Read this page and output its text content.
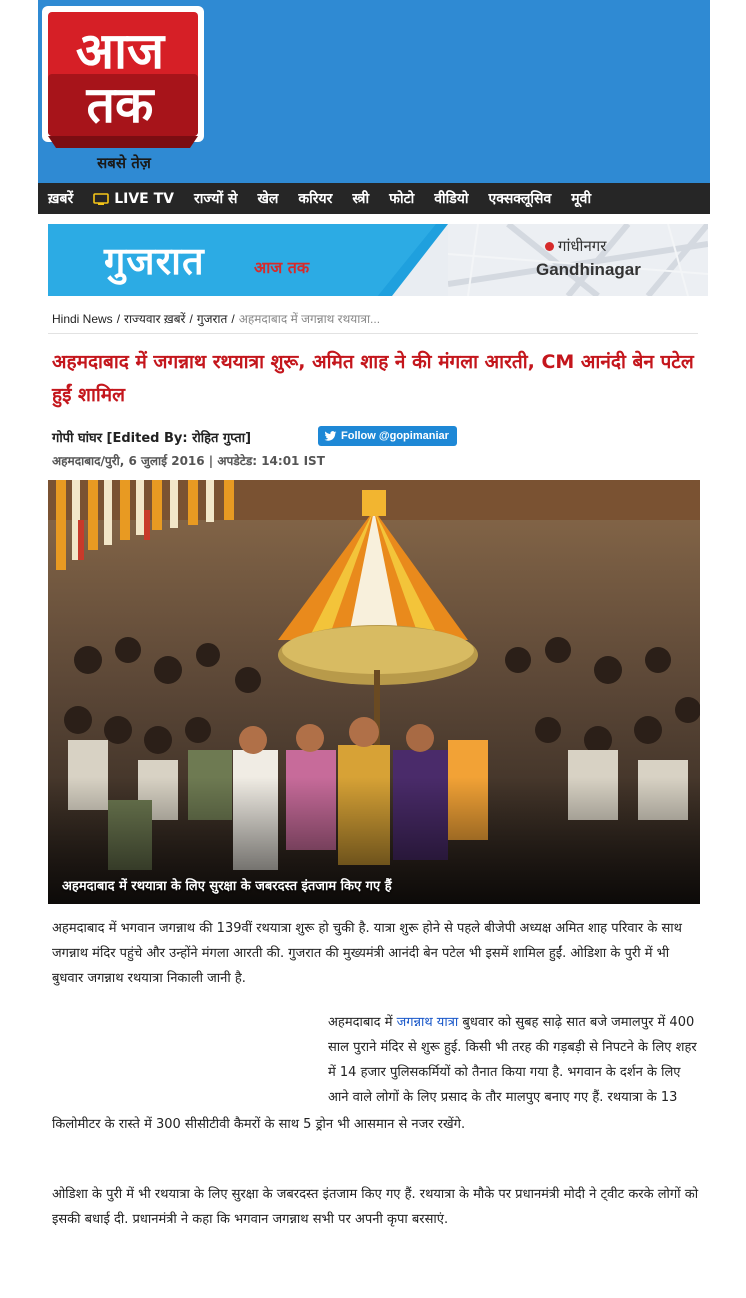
आज
तक
सबसे तेज़
ख़बरें	LIVE TV राज्यों से खेल करियर स्त्री फोटो वीडियो एक्सक्लूसिव मूवी
गुजरात	आज तक
गांधीनगर
Gandhinagar
Hindi News / राज्यवार ख़बरें / गुजरात / अहमदाबाद में जगन्नाथ रथयात्रा...
अहमदाबाद में जगन्नाथ रथयात्रा शुरू, अमित शाह ने की मंगला आरती, CM आनंदी बेन पटेल हुईं शामिल
गोपी घांघर [Edited By: रोहित गुप्ता]	Follow @gopimaniar
अहमदाबाद/पुरी, 6 जुलाई 2016 | अपडेटेड: 14:01 IST
अहमदाबाद में रथयात्रा के लिए सुरक्षा के जबरदस्त इंतजाम किए गए हैं

अहमदाबाद में भगवान जगन्नाथ की 139वीं रथयात्रा शुरू हो चुकी है. यात्रा शुरू होने से पहले बीजेपी अध्यक्ष अमित शाह परिवार के साथ जगन्नाथ मंदिर पहुंचे और उन्होंने मंगला आरती की. गुजरात की मुख्यमंत्री आनंदी बेन पटेल भी इसमें शामिल हुईं. ओडिशा के पुरी में भी बुधवार जगन्नाथ रथयात्रा निकाली जानी है.

अहमदाबाद में जगन्नाथ यात्रा बुधवार को सुबह साढ़े सात बजे जमालपुर में 400 साल पुराने मंदिर से शुरू हुई. किसी भी तरह की गड़बड़ी से निपटने के लिए शहर में 14 हजार पुलिसकर्मियों को तैनात किया गया है. भगवान के दर्शन के लिए आने वाले लोगों के लिए प्रसाद के तौर मालपुए बनाए गए हैं. रथयात्रा के 13

किलोमीटर के रास्ते में 300 सीसीटीवी कैमरों के साथ 5 ड्रोन भी आसमान से नजर रखेंगे.

ओडिशा के पुरी में भी रथयात्रा के लिए सुरक्षा के जबरदस्त इंतजाम किए गए हैं. रथयात्रा के मौके पर प्रधानमंत्री मोदी ने ट्वीट करके लोगों को इसकी बधाई दी. प्रधानमंत्री ने कहा कि भगवान जगन्नाथ सभी पर अपनी कृपा बरसाएं.
